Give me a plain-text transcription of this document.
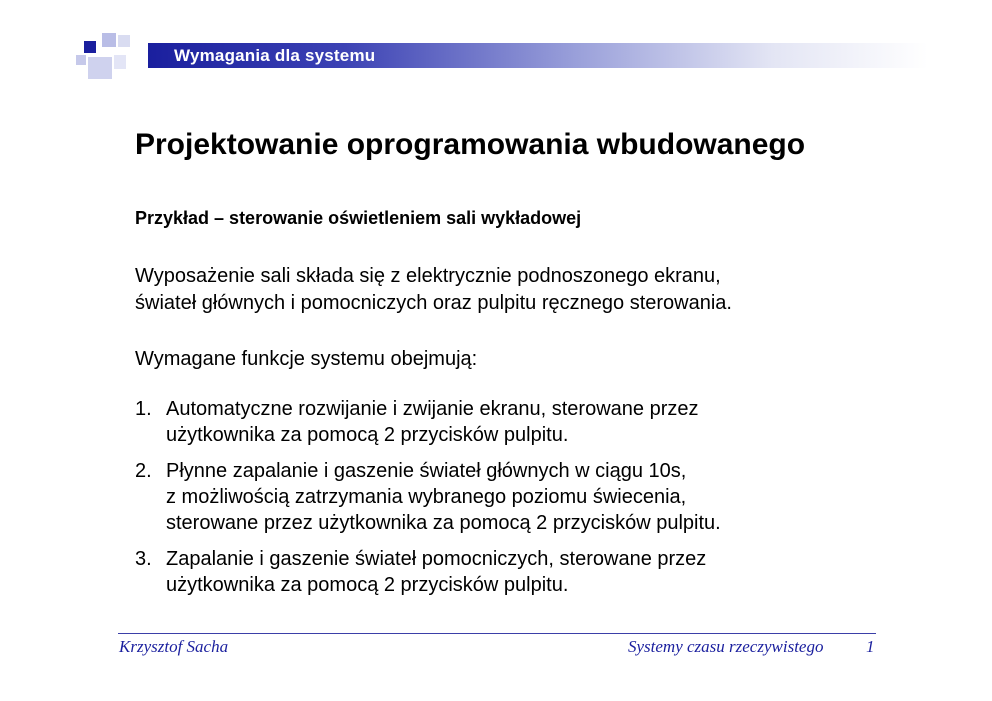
Wymagania dla systemu
Projektowanie oprogramowania wbudowanego
Przykład – sterowanie oświetleniem sali wykładowej
Wyposażenie sali składa się z elektrycznie podnoszonego ekranu,
świateł głównych i pomocniczych oraz pulpitu ręcznego sterowania.
Wymagane funkcje systemu obejmują:
1. Automatyczne rozwijanie i zwijanie ekranu, sterowane przez
użytkownika za pomocą 2 przycisków pulpitu.
2. Płynne zapalanie i gaszenie świateł głównych w ciągu 10s,
z możliwością zatrzymania wybranego poziomu świecenia,
sterowane przez użytkownika za pomocą 2 przycisków pulpitu.
3. Zapalanie i gaszenie świateł pomocniczych, sterowane przez
użytkownika za pomocą 2 przycisków pulpitu.
Krzysztof Sacha	Systemy czasu rzeczywistego	1
